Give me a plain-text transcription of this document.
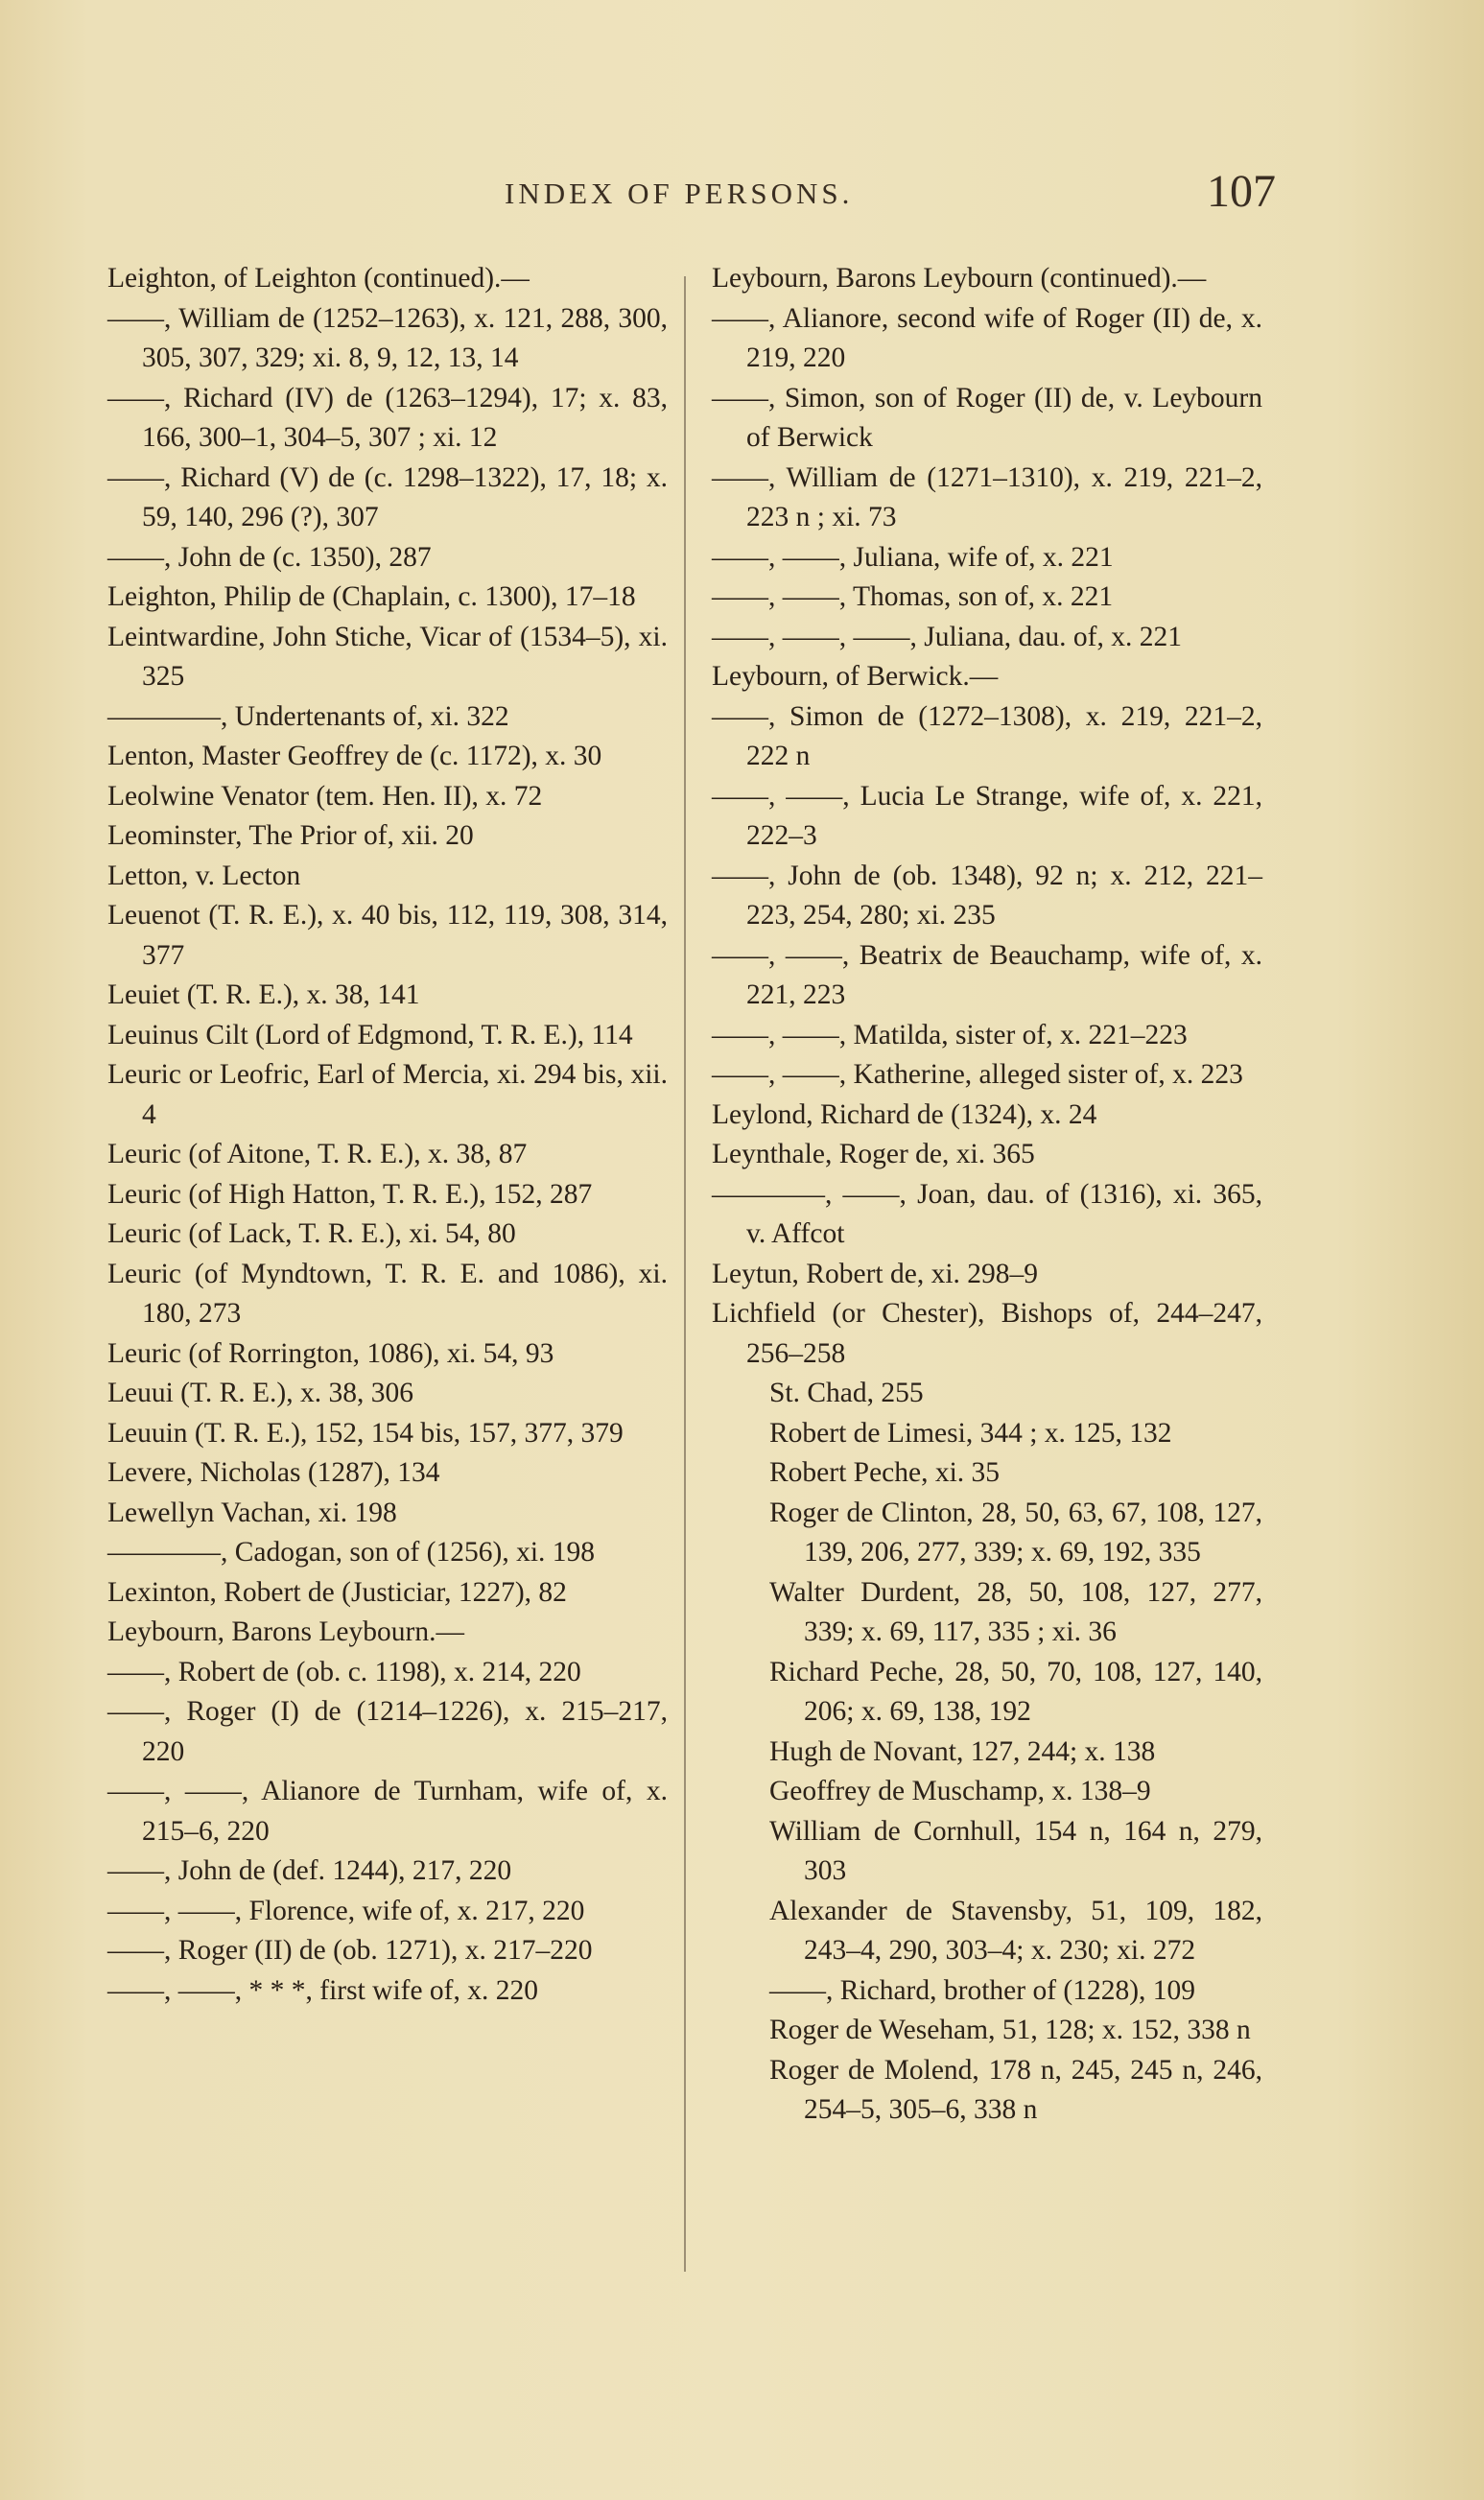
INDEX OF PERSONS.	107

Leighton, of Leighton (continued).—

——, William de (1252–1263), x. 121, 288, 300, 305, 307, 329; xi. 8, 9, 12, 13, 14

——, Richard (IV) de (1263–1294), 17; x. 83, 166, 300–1, 304–5, 307 ; xi. 12

——, Richard (V) de (c. 1298–1322), 17, 18; x. 59, 140, 296 (?), 307

——, John de (c. 1350), 287

Leighton, Philip de (Chaplain, c. 1300), 17–18

Leintwardine, John Stiche, Vicar of (1534–5), xi. 325

————, Undertenants of, xi. 322

Lenton, Master Geoffrey de (c. 1172), x. 30

Leolwine Venator (tem. Hen. II), x. 72

Leominster, The Prior of, xii. 20

Letton, v. Lecton

Leuenot (T. R. E.), x. 40 bis, 112, 119, 308, 314, 377

Leuiet (T. R. E.), x. 38, 141

Leuinus Cilt (Lord of Edgmond, T. R. E.), 114

Leuric or Leofric, Earl of Mercia, xi. 294 bis, xii. 4

Leuric (of Aitone, T. R. E.), x. 38, 87

Leuric (of High Hatton, T. R. E.), 152, 287

Leuric (of Lack, T. R. E.), xi. 54, 80

Leuric (of Myndtown, T. R. E. and 1086), xi. 180, 273

Leuric (of Rorrington, 1086), xi. 54, 93

Leuui (T. R. E.), x. 38, 306

Leuuin (T. R. E.), 152, 154 bis, 157, 377, 379

Levere, Nicholas (1287), 134

Lewellyn Vachan, xi. 198

————, Cadogan, son of (1256), xi. 198

Lexinton, Robert de (Justiciar, 1227), 82

Leybourn, Barons Leybourn.—

——, Robert de (ob. c. 1198), x. 214, 220

——, Roger (I) de (1214–1226), x. 215–217, 220

——, ——, Alianore de Turnham, wife of, x. 215–6, 220

——, John de (def. 1244), 217, 220

——, ——, Florence, wife of, x. 217, 220

——, Roger (II) de (ob. 1271), x. 217–220

——, ——, * * *, first wife of, x. 220

Leybourn, Barons Leybourn (continued).—

——, Alianore, second wife of Roger (II) de, x. 219, 220

——, Simon, son of Roger (II) de, v. Leybourn of Berwick

——, William de (1271–1310), x. 219, 221–2, 223 n ; xi. 73

——, ——, Juliana, wife of, x. 221

——, ——, Thomas, son of, x. 221

——, ——, ——, Juliana, dau. of, x. 221

Leybourn, of Berwick.—

——, Simon de (1272–1308), x. 219, 221–2, 222 n

——, ——, Lucia Le Strange, wife of, x. 221, 222–3

——, John de (ob. 1348), 92 n; x. 212, 221–223, 254, 280; xi. 235

——, ——, Beatrix de Beauchamp, wife of, x. 221, 223

——, ——, Matilda, sister of, x. 221–223

——, ——, Katherine, alleged sister of, x. 223

Leylond, Richard de (1324), x. 24

Leynthale, Roger de, xi. 365

————, ——, Joan, dau. of (1316), xi. 365, v. Affcot

Leytun, Robert de, xi. 298–9

Lichfield (or Chester), Bishops of, 244–247, 256–258

St. Chad, 255

Robert de Limesi, 344 ; x. 125, 132

Robert Peche, xi. 35

Roger de Clinton, 28, 50, 63, 67, 108, 127, 139, 206, 277, 339; x. 69, 192, 335

Walter Durdent, 28, 50, 108, 127, 277, 339; x. 69, 117, 335 ; xi. 36

Richard Peche, 28, 50, 70, 108, 127, 140, 206; x. 69, 138, 192

Hugh de Novant, 127, 244; x. 138

Geoffrey de Muschamp, x. 138–9

William de Cornhull, 154 n, 164 n, 279, 303

Alexander de Stavensby, 51, 109, 182, 243–4, 290, 303–4; x. 230; xi. 272

——, Richard, brother of (1228), 109

Roger de Weseham, 51, 128; x. 152, 338 n

Roger de Molend, 178 n, 245, 245 n, 246, 254–5, 305–6, 338 n
